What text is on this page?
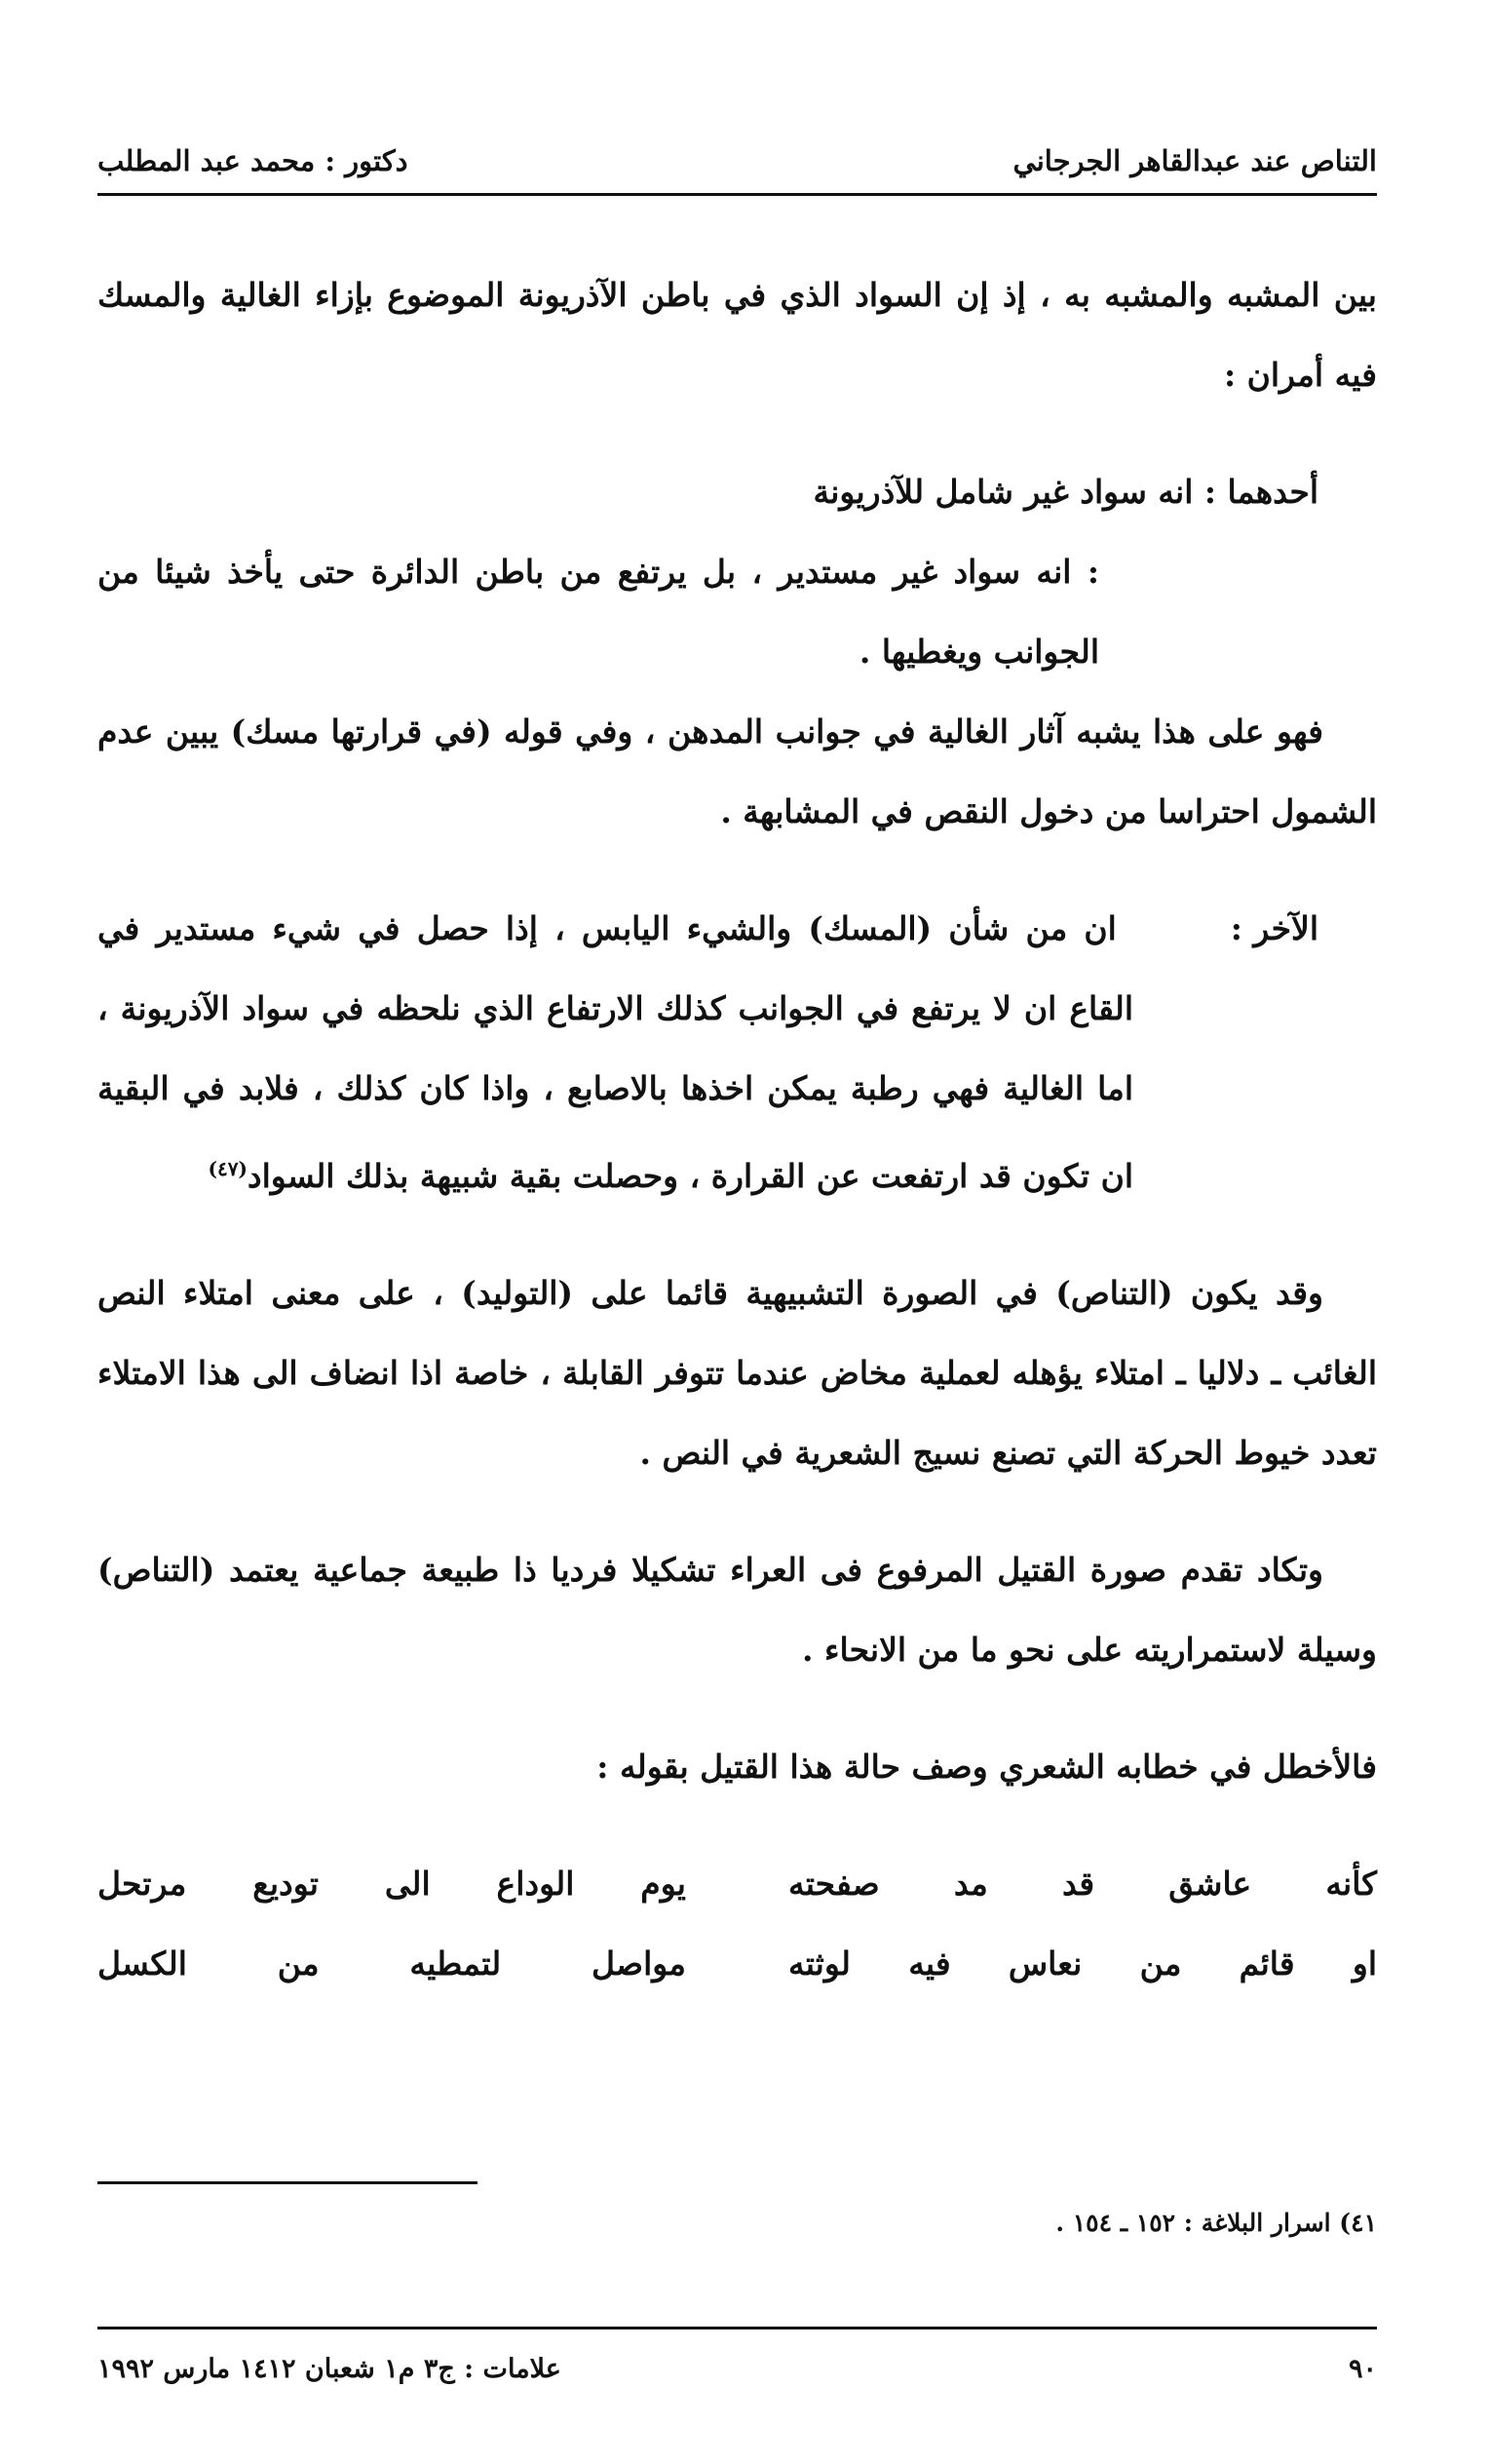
دكتور : محمد عبد المطلب	التناص عند عبدالقاهر الجرجاني

بين المشبه والمشبه به ، إذ إن السواد الذي في باطن الآذريونة الموضوع بإزاء الغالية والمسك فيه أمران :

أحدهما : انه سواد غير شامل للآذريونة

: انه سواد غير مستدير ، بل يرتفع من باطن الدائرة حتى يأخذ شيئا من الجوانب ويغطيها .

فهو على هذا يشبه آثار الغالية في جوانب المدهن ، وفي قوله (في قرارتها مسك) يبين عدم الشمول احتراسا من دخول النقص في المشابهة .

الآخر : ان من شأن (المسك) والشيء اليابس ، إذا حصل في شيء مستدير في القاع ان لا يرتفع في الجوانب كذلك الارتفاع الذي نلحظه في سواد الآذريونة ، اما الغالية فهي رطبة يمكن اخذها بالاصابع ، واذا كان كذلك ، فلابد في البقية ان تكون قد ارتفعت عن القرارة ، وحصلت بقية شبيهة بذلك السواد$^{(٤٧)}$

وقد يكون (التناص) في الصورة التشبيهية قائما على (التوليد) ، على معنى امتلاء النص الغائب ـ دلاليا ـ امتلاء يؤهله لعملية مخاض عندما تتوفر القابلة ، خاصة اذا انضاف الى هذا الامتلاء تعدد خيوط الحركة التي تصنع نسيج الشعرية في النص .

وتكاد تقدم صورة القتيل المرفوع فى العراء تشكيلا فرديا ذا طبيعة جماعية يعتمد (التناص) وسيلة لاستمراريته على نحو ما من الانحاء .

فالأخطل في خطابه الشعري وصف حالة هذا القتيل بقوله :

كأنه عاشق قد مد صفحته
يوم الوداع الى توديع مرتحل
او قائم من نعاس فيه لوثته
مواصل لتمطيه من الكسل
٤١) اسرار البلاغة : ١٥٢ ـ ١٥٤ .
علامات : ج٣ م١ شعبان ١٤١٢ مارس ١٩٩٢	٩٠
